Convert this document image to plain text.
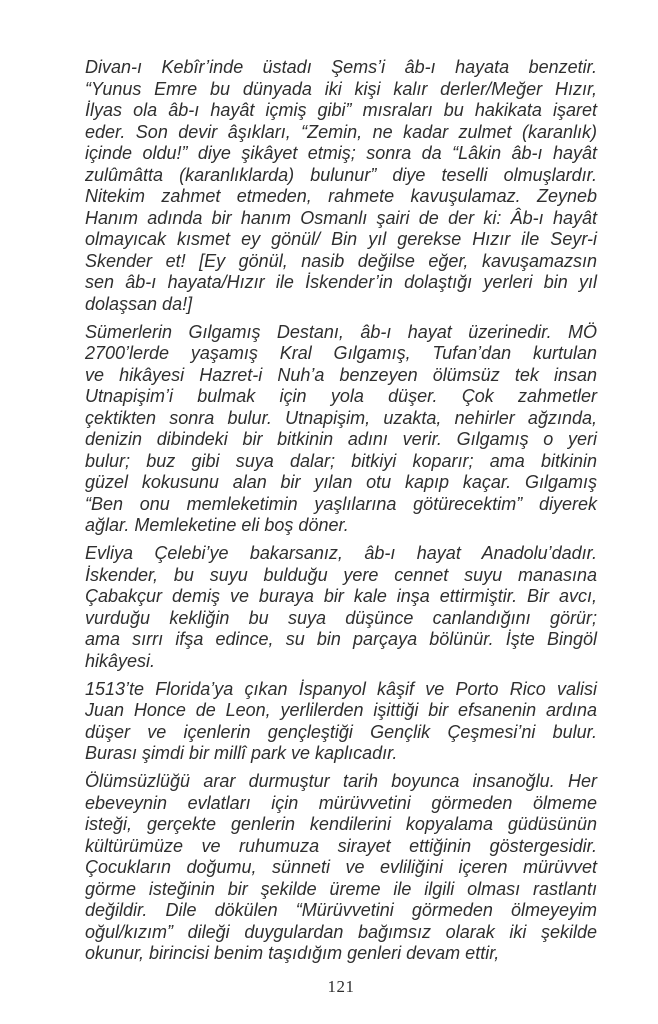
Divan-ı Kebîr’inde üstadı Şems’i âb-ı hayata benzetir.
“Yunus Emre bu dünyada iki kişi kalır derler/Meğer Hızır,
İlyas ola âb-ı hayât içmiş gibi” mısraları bu hakikata işaret
eder. Son devir âşıkları, “Zemin, ne kadar zulmet (karanlık)
içinde oldu!” diye şikâyet etmiş; sonra da “Lâkin âb-ı hayât
zulûmâtta (karanlıklarda) bulunur” diye teselli olmuşlardır.
Nitekim zahmet etmeden, rahmete kavuşulamaz. Zeyneb
Hanım adında bir hanım Osmanlı şairi de der ki: Âb-ı hayât
olmayıcak kısmet ey gönül/ Bin yıl gerekse Hızır ile Seyr-i
Skender et! [Ey gönül, nasib değilse eğer, kavuşamazsın
sen âb-ı hayata/Hızır ile İskender’in dolaştığı yerleri bin yıl
dolaşsan da!]
Sümerlerin Gılgamış Destanı, âb-ı hayat üzerinedir. MÖ
2700’lerde yaşamış Kral Gılgamış, Tufan’dan kurtulan
ve hikâyesi Hazret-i Nuh’a benzeyen ölümsüz tek insan
Utnapişim’i bulmak için yola düşer. Çok zahmetler
çektikten sonra bulur. Utnapişim, uzakta, nehirler ağzında,
denizin dibindeki bir bitkinin adını verir. Gılgamış o yeri
bulur; buz gibi suya dalar; bitkiyi koparır; ama bitkinin
güzel kokusunu alan bir yılan otu kapıp kaçar. Gılgamış
“Ben onu memleketimin yaşlılarına götürecektim” diyerek
ağlar. Memleketine eli boş döner.
Evliya Çelebi’ye bakarsanız, âb-ı hayat Anadolu’dadır.
İskender, bu suyu bulduğu yere cennet suyu manasına
Çabakçur demiş ve buraya bir kale inşa ettirmiştir. Bir avcı,
vurduğu kekliğin bu suya düşünce canlandığını görür;
ama sırrı ifşa edince, su bin parçaya bölünür. İşte Bingöl
hikâyesi.
1513’te Florida’ya çıkan İspanyol kâşif ve Porto Rico valisi
Juan Honce de Leon, yerlilerden işittiği bir efsanenin ardına
düşer ve içenlerin gençleştiği Gençlik Çeşmesi’ni bulur.
Burası şimdi bir millî park ve kaplıcadır.
Ölümsüzlüğü arar durmuştur tarih boyunca insanoğlu. Her
ebeveynin evlatları için mürüvvetini görmeden ölmeme
isteği, gerçekte genlerin kendilerini kopyalama güdüsünün
kültürümüze ve ruhumuza sirayet ettiğinin göstergesidir.
Çocukların doğumu, sünneti ve evliliğini içeren mürüvvet
görme isteğinin bir şekilde üreme ile ilgili olması rastlantı
değildir. Dile dökülen “Mürüvvetini görmeden ölmeyeyim
oğul/kızım” dileği duygulardan bağımsız olarak iki şekilde
okunur, birincisi benim taşıdığım genleri devam ettir,
121
